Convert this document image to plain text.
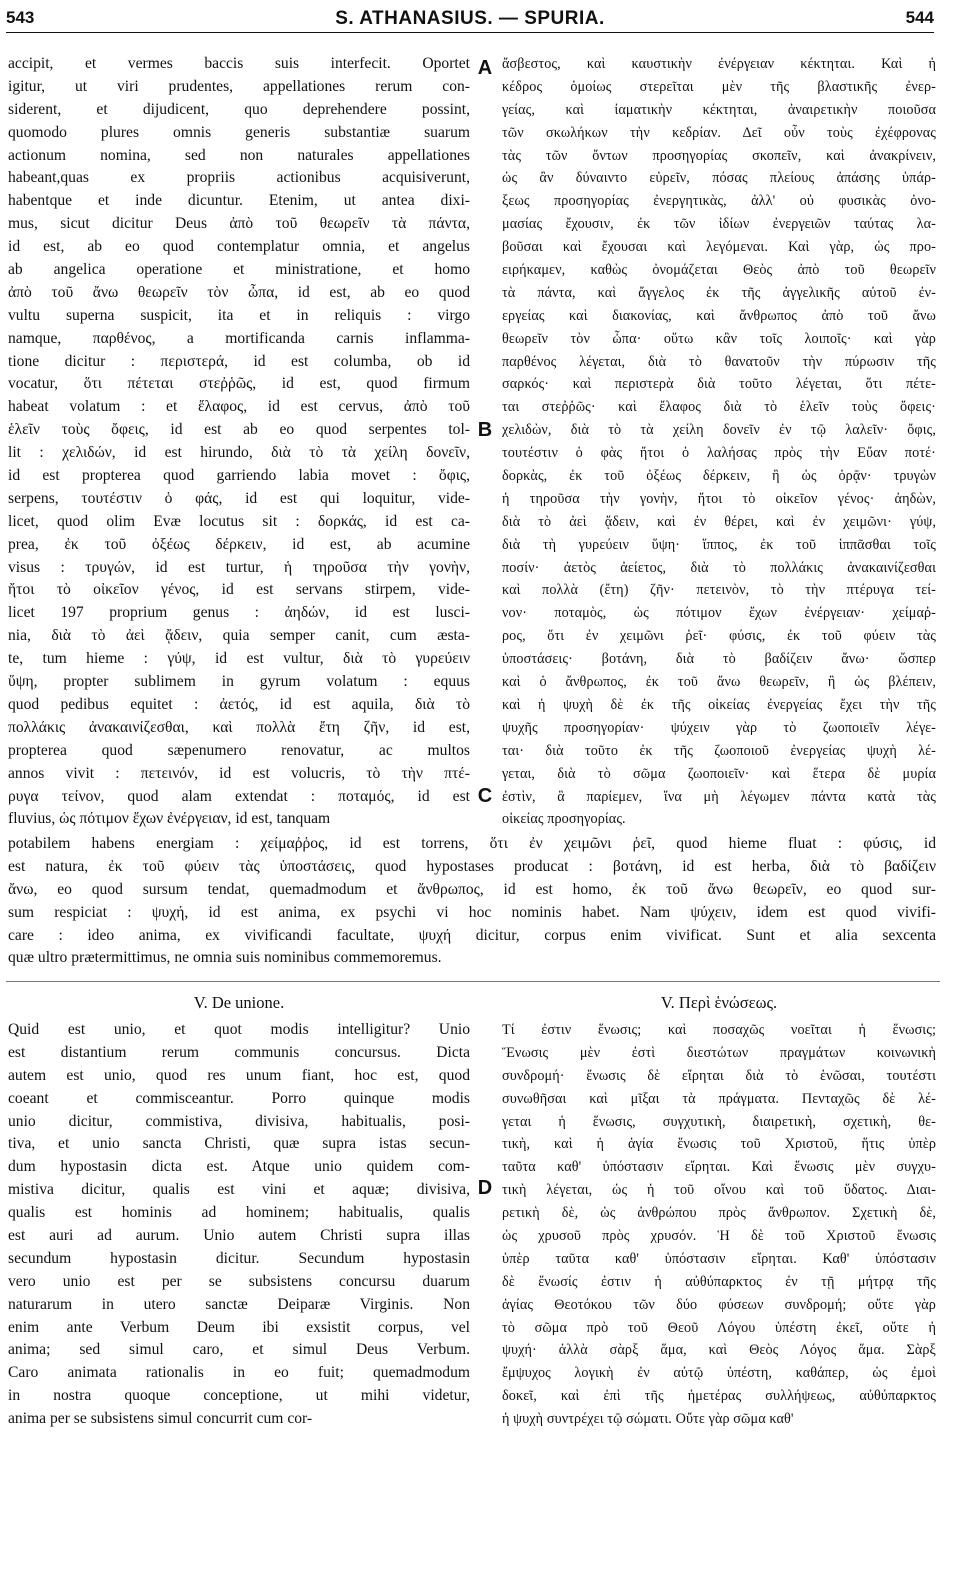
543	S. ATHANASIUS. — SPURIA.	544
accipit, et vermes baccis suis interfecit. Oportet
igitur, ut viri prudentes, appellationes rerum con-
siderent, et dijudicent, quo deprehendere possint,
quomodo plures omnis generis substantiæ suarum
actionum nomina, sed non naturales appellationes
habeant,quas ex propriis actionibus acquisiverunt,
habentque et inde dicuntur. Etenim, ut antea dixi-
mus, sicut dicitur Deus ἀπὸ τοῦ θεωρεῖν τὰ πάντα,
id est, ab eo quod contemplatur omnia, et angelus
ab angelica operatione et ministratione, et homo
ἀπὸ τοῦ ἄνω θεωρεῖν τὸν ὦπα, id est, ab eo quod
vultu superna suspicit, ita et in reliquis : virgo
namque, παρθένος, a mortificanda carnis inflamma-
tione dicitur : περιστερά, id est columba, ob id
vocatur, ὅτι πέτεται στεῤῥῶς, id est, quod firmum
habeat volatum : et ἔλαφος, id est cervus, ἀπὸ τοῦ
ἑλεῖν τοὺς ὄφεις, id est ab eo quod serpentes tol-
lit : χελιδών, id est hirundo, διὰ τὸ τὰ χείλη δονεῖν,
id est propterea quod garriendo labia movet : ὄφις,
serpens, τουτέστιν ὁ φάς, id est qui loquitur, vide-
licet, quod olim Evæ locutus sit : δορκάς, id est ca-
prea, ἐκ τοῦ ὀξέως δέρκειν, id est, ab acumine
visus : τρυγών, id est turtur, ἡ τηροῦσα τὴν γονὴν,
ἤτοι τὸ οἰκεῖον γένος, id est servans stirpem, vide-
licet 197 proprium genus : ἀηδών, id est lusci-
nia, διὰ τὸ ἀεὶ ᾄδειν, quia semper canit, cum æsta-
te, tum hieme : γύψ, id est vultur, διὰ τὸ γυρεύειν
ὕψη, propter sublimem in gyrum volatum : equus
quod pedibus equitet : ἀετός, id est aquila, διὰ τὸ
πολλάκις ἀνακαινίζεσθαι, καὶ πολλὰ ἔτη ζῆν, id est,
propterea quod sæpenumero renovatur, ac multos
annos vivit : πετεινόν, id est volucris, τὸ τὴν πτέ-
ρυγα τείνον, quod alam extendat : ποταμός, id est
fluvius, ὡς πότιμον ἔχων ἐνέργειαν, id est, tanquam
ἄσβεστος, καὶ καυστικὴν ἐνέργειαν κέκτηται. Καὶ ἡ
κέδρος ὁμοίως στερεῖται μὲν τῆς βλαστικῆς ἐνερ-
γείας, καὶ ἰαματικὴν κέκτηται, ἀναιρετικὴν ποιοῦσα
τῶν σκωλήκων τὴν κεδρίαν. Δεῖ οὖν τοὺς ἐχέφρονας
τὰς τῶν ὄντων προσηγορίας σκοπεῖν, καὶ ἀνακρίνειν,
ὡς ἂν δύναιντο εὑρεῖν, πόσας πλείους ἀπάσης ὑπάρ-
ξεως προσηγορίας ἐνεργητικὰς, ἀλλ' οὐ φυσικὰς ὀνο-
μασίας ἔχουσιν, ἐκ τῶν ἰδίων ἐνεργειῶν ταύτας λα-
βοῦσαι καὶ ἔχουσαι καὶ λεγόμεναι. Καὶ γὰρ, ὡς προ-
ειρήκαμεν, καθὼς ὀνομάζεται Θεὸς ἀπὸ τοῦ θεωρεῖν
τὰ πάντα, καὶ ἄγγελος ἐκ τῆς ἀγγελικῆς αὐτοῦ ἐν-
εργείας καὶ διακονίας, καὶ ἄνθρωπος ἀπὸ τοῦ ἄνω
θεωρεῖν τὸν ὦπα· οὕτω κἂν τοῖς λοιποῖς· καὶ γὰρ
παρθένος λέγεται, διὰ τὸ θανατοῦν τὴν πύρωσιν τῆς
σαρκός· καὶ περιστερὰ διὰ τοῦτο λέγεται, ὅτι πέτε-
ται στεῤῥῶς· καὶ ἔλαφος διὰ τὸ ἑλεῖν τοὺς ὄφεις·
χελιδὼν, διὰ τὸ τὰ χείλη δονεῖν ἐν τῷ λαλεῖν· ὄφις,
τουτέστιν ὁ φὰς ἤτοι ὁ λαλήσας πρὸς τὴν Εὔαν ποτέ·
δορκὰς, ἐκ τοῦ ὀξέως δέρκειν, ἢ ὡς ὁρᾷν· τρυγὼν
ἡ τηροῦσα τὴν γονὴν, ἤτοι τὸ οἰκεῖον γένος· ἀηδὼν,
διὰ τὸ ἀεὶ ᾄδειν, καὶ ἐν θέρει, καὶ ἐν χειμῶνι· γύψ,
διὰ τὴ γυρεύειν ὕψη· ἵππος, ἐκ τοῦ ἱππᾶσθαι τοῖς
ποσίν· ἀετὸς ἀείετος, διὰ τὸ πολλάκις ἀνακαινίζεσθαι
καὶ πολλὰ (ἔτη) ζῆν· πετεινὸν, τὸ τὴν πτέρυγα τεί-
νον· ποταμὸς, ὡς πότιμον ἔχων ἐνέργειαν· χείμαῤ-
ρος, ὅτι ἐν χειμῶνι ῥεῖ· φύσις, ἐκ τοῦ φύειν τὰς
ὑποστάσεις· βοτάνη, διὰ τὸ βαδίζειν ἄνω· ὥσπερ
καὶ ὁ ἄνθρωπος, ἐκ τοῦ ἄνω θεωρεῖν, ἢ ὡς βλέπειν,
καὶ ἡ ψυχὴ δὲ ἐκ τῆς οἰκείας ἐνεργείας ἔχει τὴν τῆς
ψυχῆς προσηγορίαν· ψύχειν γὰρ τὸ ζωοποιεῖν λέγε-
ται· διὰ τοῦτο ἐκ τῆς ζωοποιοῦ ἐνεργείας ψυχὴ λέ-
γεται, διὰ τὸ σῶμα ζωοποιεῖν· καὶ ἕτερα δὲ μυρία
ἐστὶν, ἃ παρίεμεν, ἵνα μὴ λέγωμεν πάντα κατὰ τὰς
οἰκείας προσηγορίας.
A
B
C
potabilem habens energiam : χείμαῤῥος, id est torrens, ὅτι ἐν χειμῶνι ῥεῖ, quod hieme fluat : φύσις, id
est natura, ἐκ τοῦ φύειν τὰς ὑποστάσεις, quod hypostases producat : βοτάνη, id est herba, διὰ τὸ βαδίζειν
ἄνω, eo quod sursum tendat, quemadmodum et ἄνθρωπος, id est homo, ἐκ τοῦ ἄνω θεωρεῖν, eo quod sur-
sum respiciat : ψυχή, id est anima, ex psychi vi hoc nominis habet. Nam ψύχειν, idem est quod vivifi-
care : ideo anima, ex vivificandi facultate, ψυχή dicitur, corpus enim vivificat. Sunt et alia sexcenta
quæ ultro prætermittimus, ne omnia suis nominibus commemoremus.
V. De unione.	V. Περὶ ἑνώσεως.
Quid est unio, et quot modis intelligitur? Unio
est distantium rerum communis concursus. Dicta
autem est unio, quod res unum fiant, hoc est, quod
coeant et commisceantur. Porro quinque modis
unio dicitur, commistiva, divisiva, habitualis, posi-
tiva, et unio sancta Christi, quæ supra istas secun-
dum hypostasin dicta est. Atque unio quidem com-
mistiva dicitur, qualis est vini et aquæ; divisiva,
qualis est hominis ad hominem; habitualis, qualis
est auri ad aurum. Unio autem Christi supra illas
secundum hypostasin dicitur. Secundum hypostasin
vero unio est per se subsistens concursu duarum
naturarum in utero sanctæ Deiparæ Virginis. Non
enim ante Verbum Deum ibi exsistit corpus, vel
anima; sed simul caro, et simul Deus Verbum.
Caro animata rationalis in eo fuit; quemadmodum
in nostra quoque conceptione, ut mihi videtur,
anima per se subsistens simul concurrit cum cor-
Τί ἐστιν ἕνωσις; καὶ ποσαχῶς νοεῖται ἡ ἕνωσις;
Ἕνωσις μὲν ἐστὶ διεστώτων πραγμάτων κοινωνικὴ
συνδρομή· ἕνωσις δὲ εἴρηται διὰ τὸ ἑνῶσαι, τουτέστι
συνωθῆσαι καὶ μῖξαι τὰ πράγματα. Πενταχῶς δὲ λέ-
γεται ἡ ἕνωσις, συγχυτικὴ, διαιρετικὴ, σχετικὴ, θε-
τικὴ, καὶ ἡ ἁγία ἕνωσις τοῦ Χριστοῦ, ἥτις ὑπὲρ
ταῦτα καθ' ὑπόστασιν εἴρηται. Καὶ ἕνωσις μὲν συγχυ-
τικὴ λέγεται, ὡς ἡ τοῦ οἴνου καὶ τοῦ ὕδατος. Διαι-
ρετικὴ δὲ, ὡς ἀνθρώπου πρὸς ἄνθρωπον. Σχετικὴ δὲ,
ὡς χρυσοῦ πρὸς χρυσόν. Ἡ δὲ τοῦ Χριστοῦ ἕνωσις
ὑπὲρ ταῦτα καθ' ὑπόστασιν εἴρηται. Καθ' ὑπόστασιν
δὲ ἕνωσίς ἐστιν ἡ αὐθύπαρκτος ἐν τῇ μήτρᾳ τῆς
ἁγίας Θεοτόκου τῶν δύο φύσεων συνδρομή; οὔτε γὰρ
τὸ σῶμα πρὸ τοῦ Θεοῦ Λόγου ὑπέστη ἐκεῖ, οὔτε ἡ
ψυχή· ἀλλὰ σὰρξ ἅμα, καὶ Θεὸς Λόγος ἅμα. Σὰρξ
ἔμψυχος λογικὴ ἐν αὐτῷ ὑπέστη, καθάπερ, ὡς ἐμοὶ
δοκεῖ, καὶ ἐπὶ τῆς ἡμετέρας συλλήψεως, αὐθύπαρκτος
ἡ ψυχὴ συντρέχει τῷ σώματι. Οὔτε γὰρ σῶμα καθ'
D
